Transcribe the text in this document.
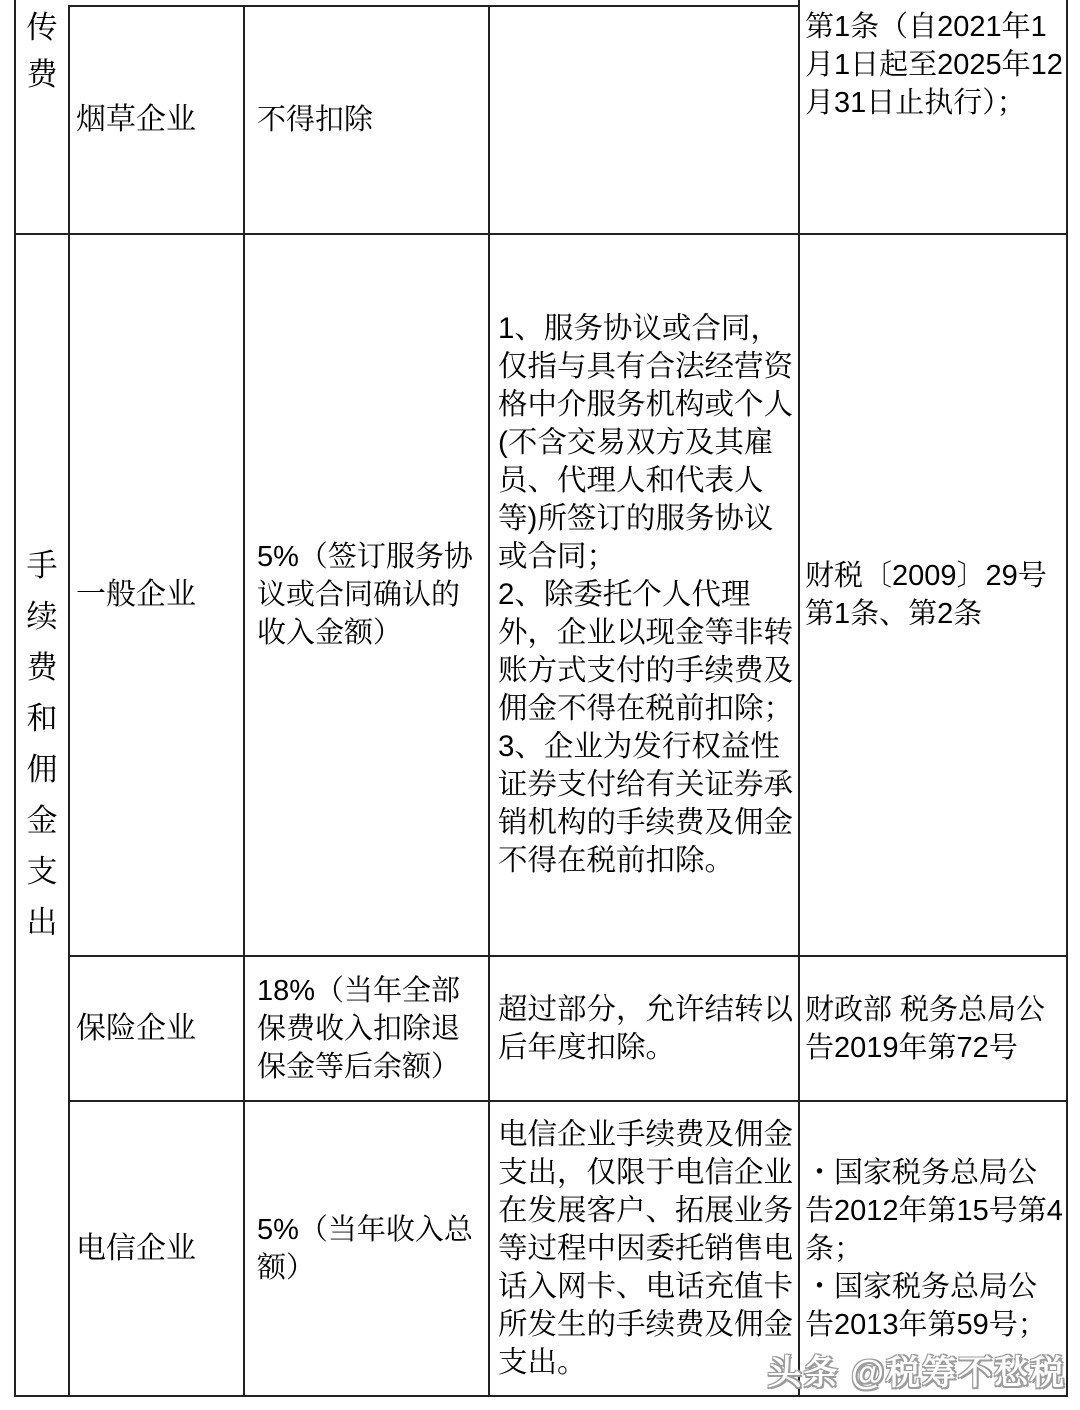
传费
手续费和佣金支出
烟草企业	不得扣除
第1条（自2021年1月1日起至2025年12月31日止执行）；
一般企业
5%（签订服务协议或合同确认的收入金额）
1、服务协议或合同，仅指与具有合法经营资格中介服务机构或个人(不含交易双方及其雇员、代理人和代表人等)所签订的服务协议或合同；
2、除委托个人代理外，企业以现金等非转账方式支付的手续费及佣金不得在税前扣除；
3、企业为发行权益性证券支付给有关证券承销机构的手续费及佣金不得在税前扣除。
财税〔2009〕29号第1条、第2条
保险企业
18%（当年全部保费收入扣除退保金等后余额）
超过部分，允许结转以后年度扣除。
财政部 税务总局公告2019年第72号
电信企业
5%（当年收入总额）
电信企业手续费及佣金支出，仅限于电信企业在发展客户、拓展业务等过程中因委托销售电话入网卡、电话充值卡所发生的手续费及佣金支出。
・国家税务总局公告2012年第15号第4条；
・国家税务总局公告2013年第59号；
头条 @税筹不愁税
